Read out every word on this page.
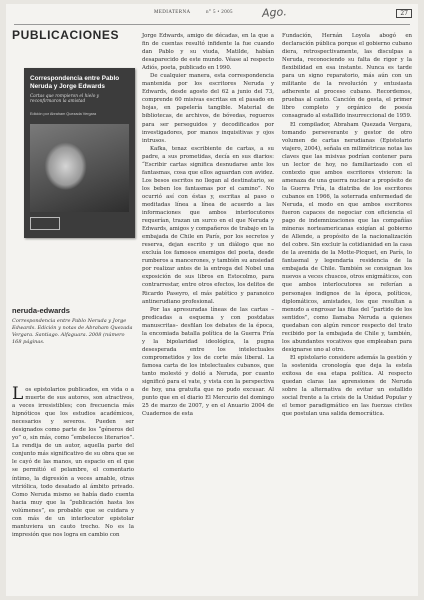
MEDIATERNA	n° 5 • 2005	Ago.	27
PUBLICACIONES
Correspondencia entre Pablo Neruda y Jorge Edwards
Cartas que rompieron el hielo y reconfirmaron la amistad
Edición por Abraham Quezada Vergara
neruda-edwards
Correspondencia entre Pablo Neruda y Jorge Edwards. Edición y notas de Abraham Quezada Vergara. Santiago. Alfaguara. 2008 (número 168 páginas.

Los epistolarios publicados, en vida o a muerte de sus autores, son atractivos, a veces irresistibles; con frecuencia más hipnóticos que los estudios académicos, necesarios y severos. Pueden ser designados como parte de los “géneros del yo” o, sin más, como “embelecos literarios”. La rendija de un autor, aquella parte del conjunto más significativo de su obra que se le cayó de las manos, un espacio en el que se permitió el pelambre, el comentario íntimo, la digresión a veces amable, otras vitriólica, todo desatado al ámbito privado. Como Neruda mismo se había dado cuenta hacia muy que la “publicación hasta los volúmenes”, es probable que se cuidara y con más de un interlocutor epistolar mantuviera un cauto trecho. No es la impresión que nos logra en cambio con

Jorge Edwards, amigo de décadas, en la que a fin de cuentas resultó infidente la fue cuando dan Pablo y su viuda, Matilde, habían desaparecido de este mundo. Véase al respecto Adiós, poeta, publicado en 1990.

De cualquier manera, esta correspondencia mantenida por los escritores Neruda y Edwards, desde agosto del 62 a junio del 73, comprende 60 misivas escritas en el pasado en hojas, en papelería tangible. Material de bibliotecas, de archivos, de bóvedas, regueros para ser perseguidos y decodificados por investigadores, por manos inquisitivas y ojos intrusos.

Kafka, tenaz escribiente de cartas, a su padre, a sus prometidas, decía en sus diarios: “Escribir cartas significa desnudarse ante los fantasmas, cosa que ellos aguardan con avidez. Los besos escritos no llegan al destinatario, se los beben los fantasmas por el camino”. No ocurrió así con éstas y, escritas al paso o meditadas línea a línea de acuerdo a las informaciones que ambos interlocutores requerían, trazan un surco en el que Neruda y Edwards, amigos y compañeros de trabajo en la embajada de Chile en París, por los secretos y reserva, dejan escrito y un diálogo que no excluía los famosos enemigos del poeta, desde rumberos a mancerones, y también su ansiedad por realizar antes de la entrega del Nobel una exposición de sus libros en Estocolmo, para contrarrestar, entre otros efectos, los delitos de Ricardo Paseyro, el más patético y paranoico antinerudiano profesional.

Por las apresuradas líneas de las cartas –predicadas a esquema y con postdatas manuscritas– desfilan los debates de la época, la encomiada batalla política de la Guerra Fría y la bipolaridad ideológica, la pugna desesperada entre los intelectuales comprometidos y los de corte más liberal. La famosa carta de los intelectuales cubanos, que tanto molestó y dolió a Neruda, por cuanto significó para el vate, y vista con la perspectiva de hoy, una gratuita que no pudo excusar. Al punto que en el diario El Mercurio del domingo 25 de marzo de 2007, y en el Anuario 2004 de Cuadernos de esta

Fundación, Hernán Loyola abogó en declaración pública porque el gobierno cubano diera, retrospectivamente, las disculpas a Neruda, reconociendo su falta de rigor y la flexibilidad en esa instante. Nunca es tarde para un signo reparatorio, más aún con un militante de la revolución y entusiasta adherente al proceso cubano. Recordemos, pruebas al canto. Canción de gesta, el primer libro completo y orgánico de poesía consagrado al estallido insurreccional de 1959.

El compilador, Abraham Quezada Vergara, tomando perseverante y gestor de otro volumen de cartas nerudianas (Epistolario viajero, 2004), señala en milimétricas notas las claves que las misivas podrían contener para un lector de hoy, no familiarizado con el contexto que ambos escritores vivieron: la amenaza de una guerra nuclear a propósito de la Guerra Fría, la diatriba de los escritores cubanos en 1966, la soterrada enfermedad de Neruda, el modo en que ambos escritores fueron capaces de negociar con eficiencia el pago de indemnizaciones que las compañías mineras norteamericanas exigían al gobierno de Allende, a propósito de la nacionalización del cobre. Sin excluir la cotidianidad en la casa de la avenida de la Motte-Picquet, en París, lo fantasmal y legendaria residencia de la embajada de Chile. También se consignan los nuevos a veces chuscos, otros enigmáticos, con que ambos interlocutores se referían a personajes indignos de la época, políticos, diplomáticos, amistades, los que resultan a menudo a engrosar las filas del “partido de los sentidos”, como llamaba Neruda a quienes quedaban con algún rencor respecto del trato recibido por la embajada de Chile y, también, los abundantes vocativos que empleaban para designarse uno al otro.

El epistolario considere además la gestión y la sostenida cronología que deja la estela exitosa de esa etapa política. Al respecto quedan claras las aprensiones de Neruda sobre la alternativa de evitar un estallido social frente a la crisis de la Unidad Popular y el temor paradigmático en las fuerzas civiles que postulan una salida democrática.
